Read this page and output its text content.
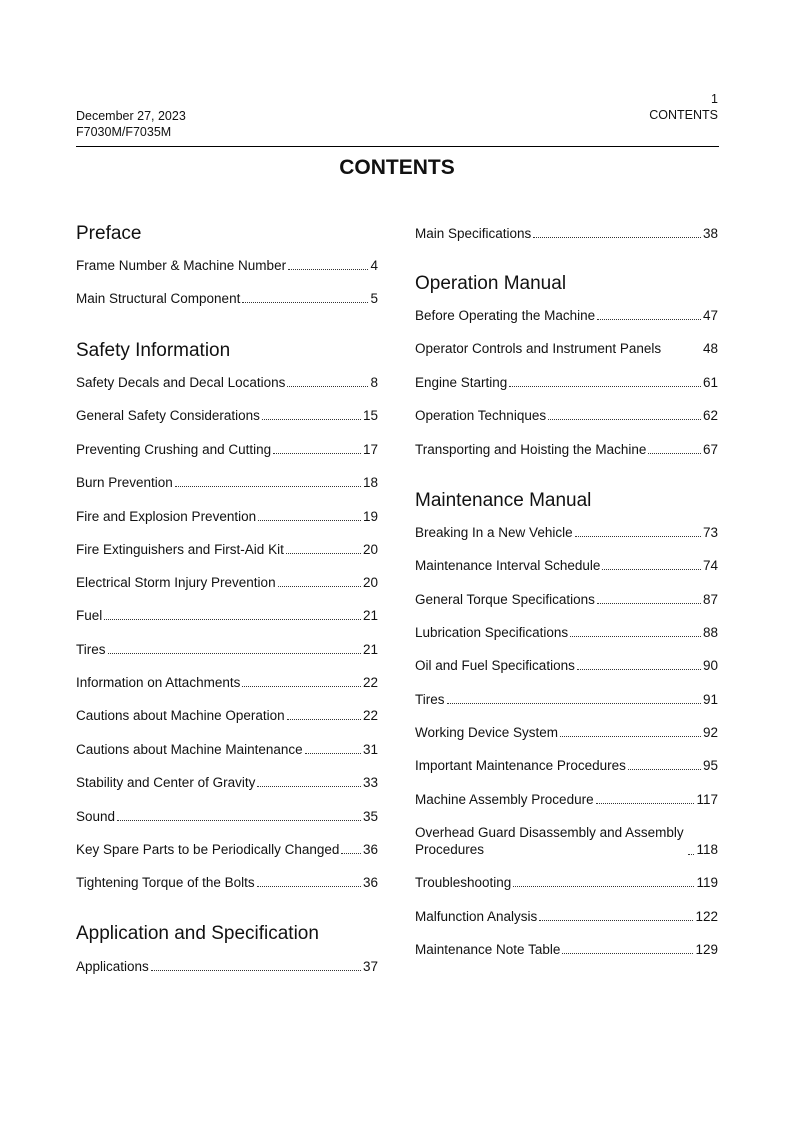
December 27, 2023
F7030M/F7035M
1
CONTENTS
CONTENTS
Preface
Frame Number & Machine Number	4
Main Structural Component	5
Safety Information
Safety Decals and Decal Locations	8
General Safety Considerations	15
Preventing Crushing and Cutting	17
Burn Prevention	18
Fire and Explosion Prevention	19
Fire Extinguishers and First-Aid Kit	20
Electrical Storm Injury Prevention	20
Fuel	21
Tires	21
Information on Attachments	22
Cautions about Machine Operation	22
Cautions about Machine Maintenance	31
Stability and Center of Gravity	33
Sound	35
Key Spare Parts to be Periodically Changed 36
Tightening Torque of the Bolts	36
Application and Specification
Applications	37
Main Specifications	38
Operation Manual
Before Operating the Machine	47
Operator Controls and Instrument Panels	48
Engine Starting	61
Operation Techniques	62
Transporting and Hoisting the Machine	67
Maintenance Manual
Breaking In a New Vehicle	73
Maintenance Interval Schedule	74
General Torque Specifications	87
Lubrication Specifications	88
Oil and Fuel Specifications	90
Tires	91
Working Device System	92
Important Maintenance Procedures	95
Machine Assembly Procedure	117
Overhead Guard Disassembly and Assembly Procedures	118
Troubleshooting	119
Malfunction Analysis	122
Maintenance Note Table	129
